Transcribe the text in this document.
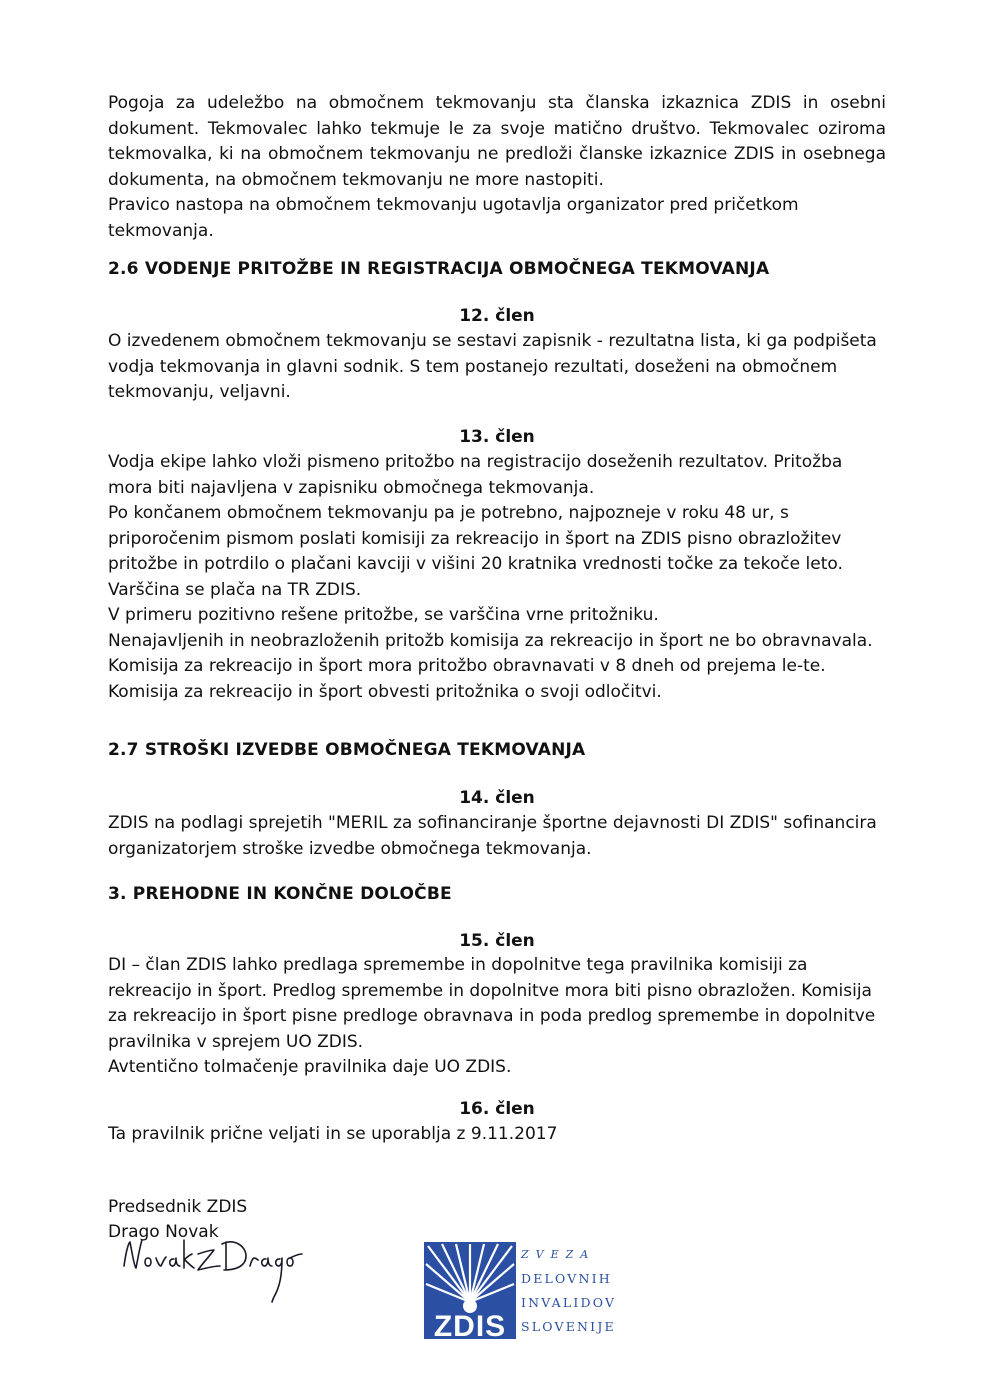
Pogoja za udeležbo na območnem tekmovanju sta članska izkaznica ZDIS in osebni dokument. Tekmovalec lahko tekmuje le za svoje matično društvo. Tekmovalec oziroma tekmovalka, ki na območnem tekmovanju ne predloži članske izkaznice ZDIS in osebnega dokumenta, na območnem tekmovanju ne more nastopiti.

Pravico nastopa na območnem tekmovanju ugotavlja organizator pred pričetkom tekmovanja.

2.6 VODENJE PRITOŽBE IN REGISTRACIJA OBMOČNEGA TEKMOVANJA
12. člen

O izvedenem območnem tekmovanju se sestavi zapisnik - rezultatna lista, ki ga podpišeta vodja tekmovanja in glavni sodnik. S tem postanejo rezultati, doseženi na območnem tekmovanju, veljavni.

13. člen

Vodja ekipe lahko vloži pismeno pritožbo na registracijo doseženih rezultatov. Pritožba mora biti najavljena v zapisniku območnega tekmovanja.

Po končanem območnem tekmovanju pa je potrebno, najpozneje v roku 48 ur, s priporočenim pismom poslati komisiji za rekreacijo in šport na ZDIS pisno obrazložitev pritožbe in potrdilo o plačani kavciji v višini 20 kratnika vrednosti točke za tekoče leto. Varščina se plača na TR ZDIS.

V primeru pozitivno rešene pritožbe, se varščina vrne pritožniku.

Nenajavljenih in neobrazloženih pritožb komisija za rekreacijo in šport ne bo obravnavala.

Komisija za rekreacijo in šport mora pritožbo obravnavati v 8 dneh od prejema le-te. Komisija za rekreacijo in šport obvesti pritožnika o svoji odločitvi.

2.7 STROŠKI IZVEDBE OBMOČNEGA TEKMOVANJA
14. člen

ZDIS na podlagi sprejetih "MERIL za sofinanciranje športne dejavnosti DI ZDIS" sofinancira organizatorjem stroške izvedbe območnega tekmovanja.

3. PREHODNE IN KONČNE DOLOČBE
15. člen

DI – član ZDIS lahko predlaga spremembe in dopolnitve tega pravilnika komisiji za rekreacijo in šport. Predlog spremembe in dopolnitve mora biti pisno obrazložen. Komisija za rekreacijo in šport pisne predloge obravnava in poda predlog spremembe in dopolnitve pravilnika v sprejem UO ZDIS.

Avtentično tolmačenje pravilnika daje UO ZDIS.

16. člen

Ta pravilnik prične veljati in se uporablja z 9.11.2017

Predsednik ZDIS
Drago Novak
ZDIS
ZVEZA
DELOVNIH
INVALIDOV
SLOVENIJE
